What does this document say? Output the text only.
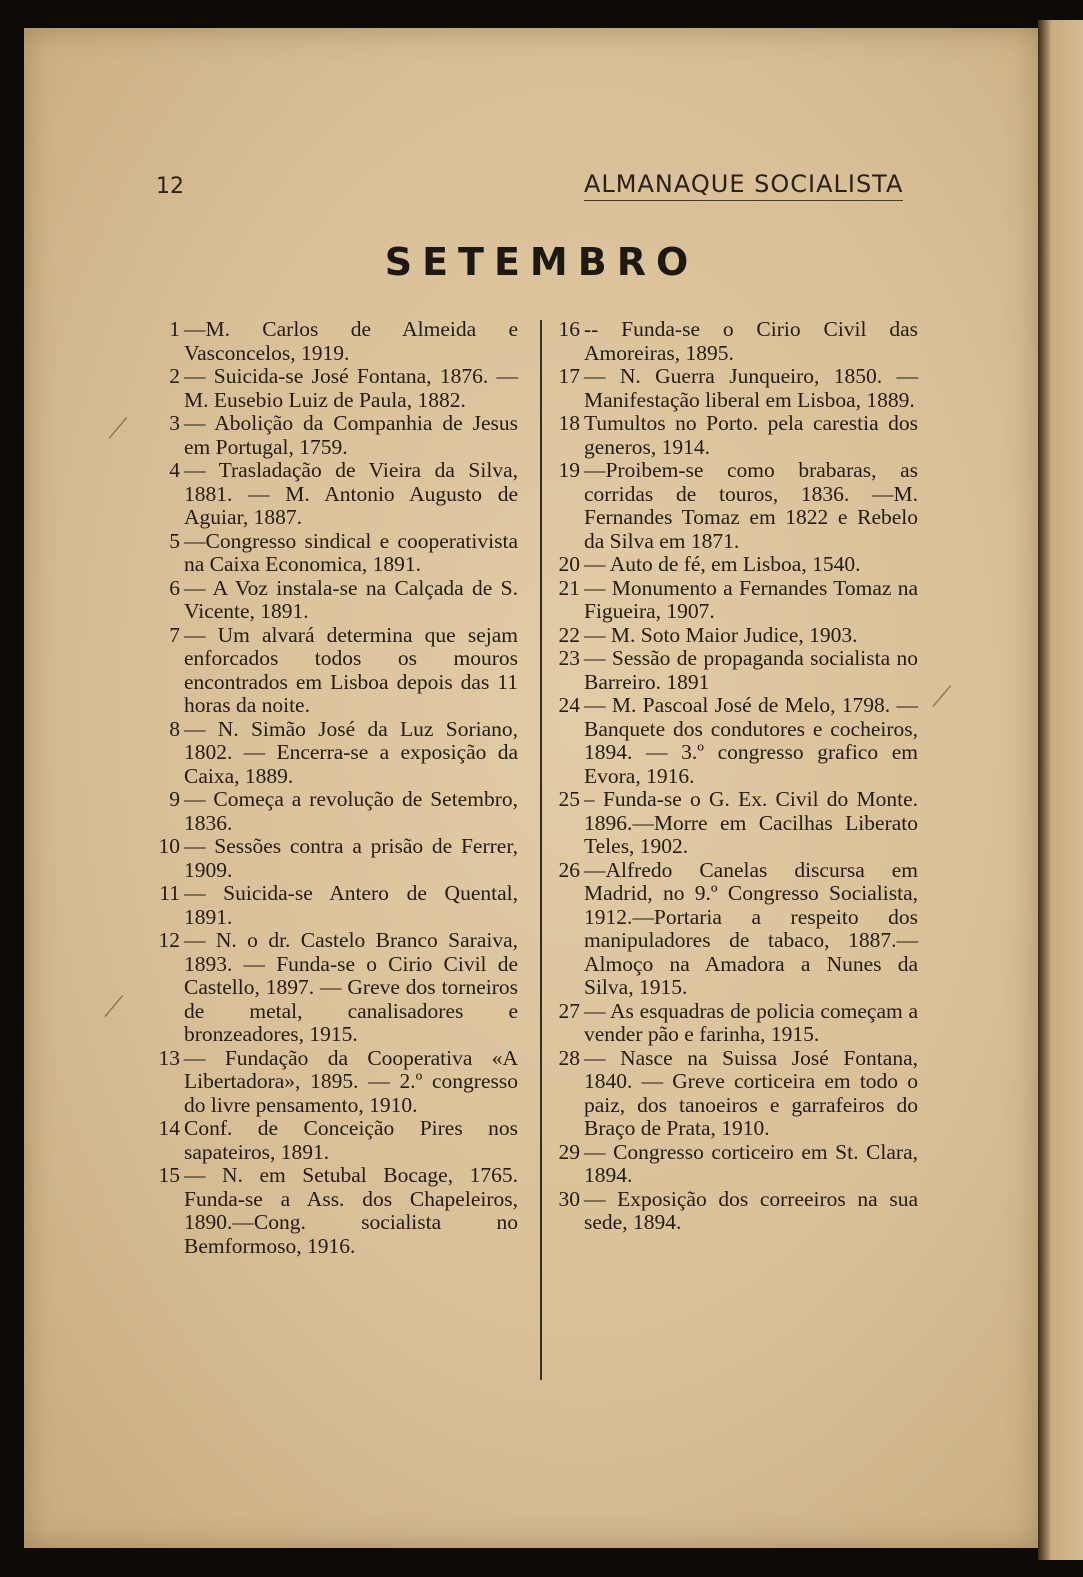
12	ALMANAQUE SOCIALISTA
SETEMBRO
1 —M. Carlos de Almeida e Vasconcelos, 1919.
2 — Suicida-se José Fontana, 1876. — M. Eusebio Luiz de Paula, 1882.
3 — Abolição da Companhia de Jesus em Portugal, 1759.
4 — Trasladação de Vieira da Silva, 1881. — M. Antonio Augusto de Aguiar, 1887.
5 —Congresso sindical e cooperativista na Caixa Economica, 1891.
6 — A Voz instala-se na Calçada de S. Vicente, 1891.
7 — Um alvará determina que sejam enforcados todos os mouros encontrados em Lisboa depois das 11 horas da noite.
8 — N. Simão José da Luz Soriano, 1802. — Encerra-se a exposição da Caixa, 1889.
9 — Começa a revolução de Setembro, 1836.
10 — Sessões contra a prisão de Ferrer, 1909.
11 — Suicida-se Antero de Quental, 1891.
12 — N. o dr. Castelo Branco Saraiva, 1893. — Funda-se o Cirio Civil de Castello, 1897. — Greve dos torneiros de metal, canalisadores e bronzeadores, 1915.
13 — Fundação da Cooperativa «A Libertadora», 1895. — 2.º congresso do livre pensamento, 1910.
14 Conf. de Conceição Pires nos sapateiros, 1891.
15 — N. em Setubal Bocage, 1765. Funda-se a Ass. dos Chapeleiros, 1890.—Cong. socialista no Bemformoso, 1916.
16 -- Funda-se o Cirio Civil das Amoreiras, 1895.
17 — N. Guerra Junqueiro, 1850. —Manifestação liberal em Lisboa, 1889.
18 Tumultos no Porto. pela carestia dos generos, 1914.
19 —Proibem-se como brabaras, as corridas de touros, 1836. —M. Fernandes Tomaz em 1822 e Rebelo da Silva em 1871.
20 — Auto de fé, em Lisboa, 1540.
21 — Monumento a Fernandes Tomaz na Figueira, 1907.
22 — M. Soto Maior Judice, 1903.
23 — Sessão de propaganda socialista no Barreiro. 1891
24 — M. Pascoal José de Melo, 1798. — Banquete dos condutores e cocheiros, 1894. — 3.º congresso grafico em Evora, 1916.
25 – Funda-se o G. Ex. Civil do Monte. 1896.—Morre em Cacilhas Liberato Teles, 1902.
26 —Alfredo Canelas discursa em Madrid, no 9.º Congresso Socialista, 1912.—Portaria a respeito dos manipuladores de tabaco, 1887.—Almoço na Amadora a Nunes da Silva, 1915.
27 — As esquadras de policia começam a vender pão e farinha, 1915.
28 — Nasce na Suissa José Fontana, 1840. — Greve corticeira em todo o paiz, dos tanoeiros e garrafeiros do Braço de Prata, 1910.
29 — Congresso corticeiro em St. Clara, 1894.
30 — Exposição dos correeiros na sua sede, 1894.
⟋
⟋
⟋
